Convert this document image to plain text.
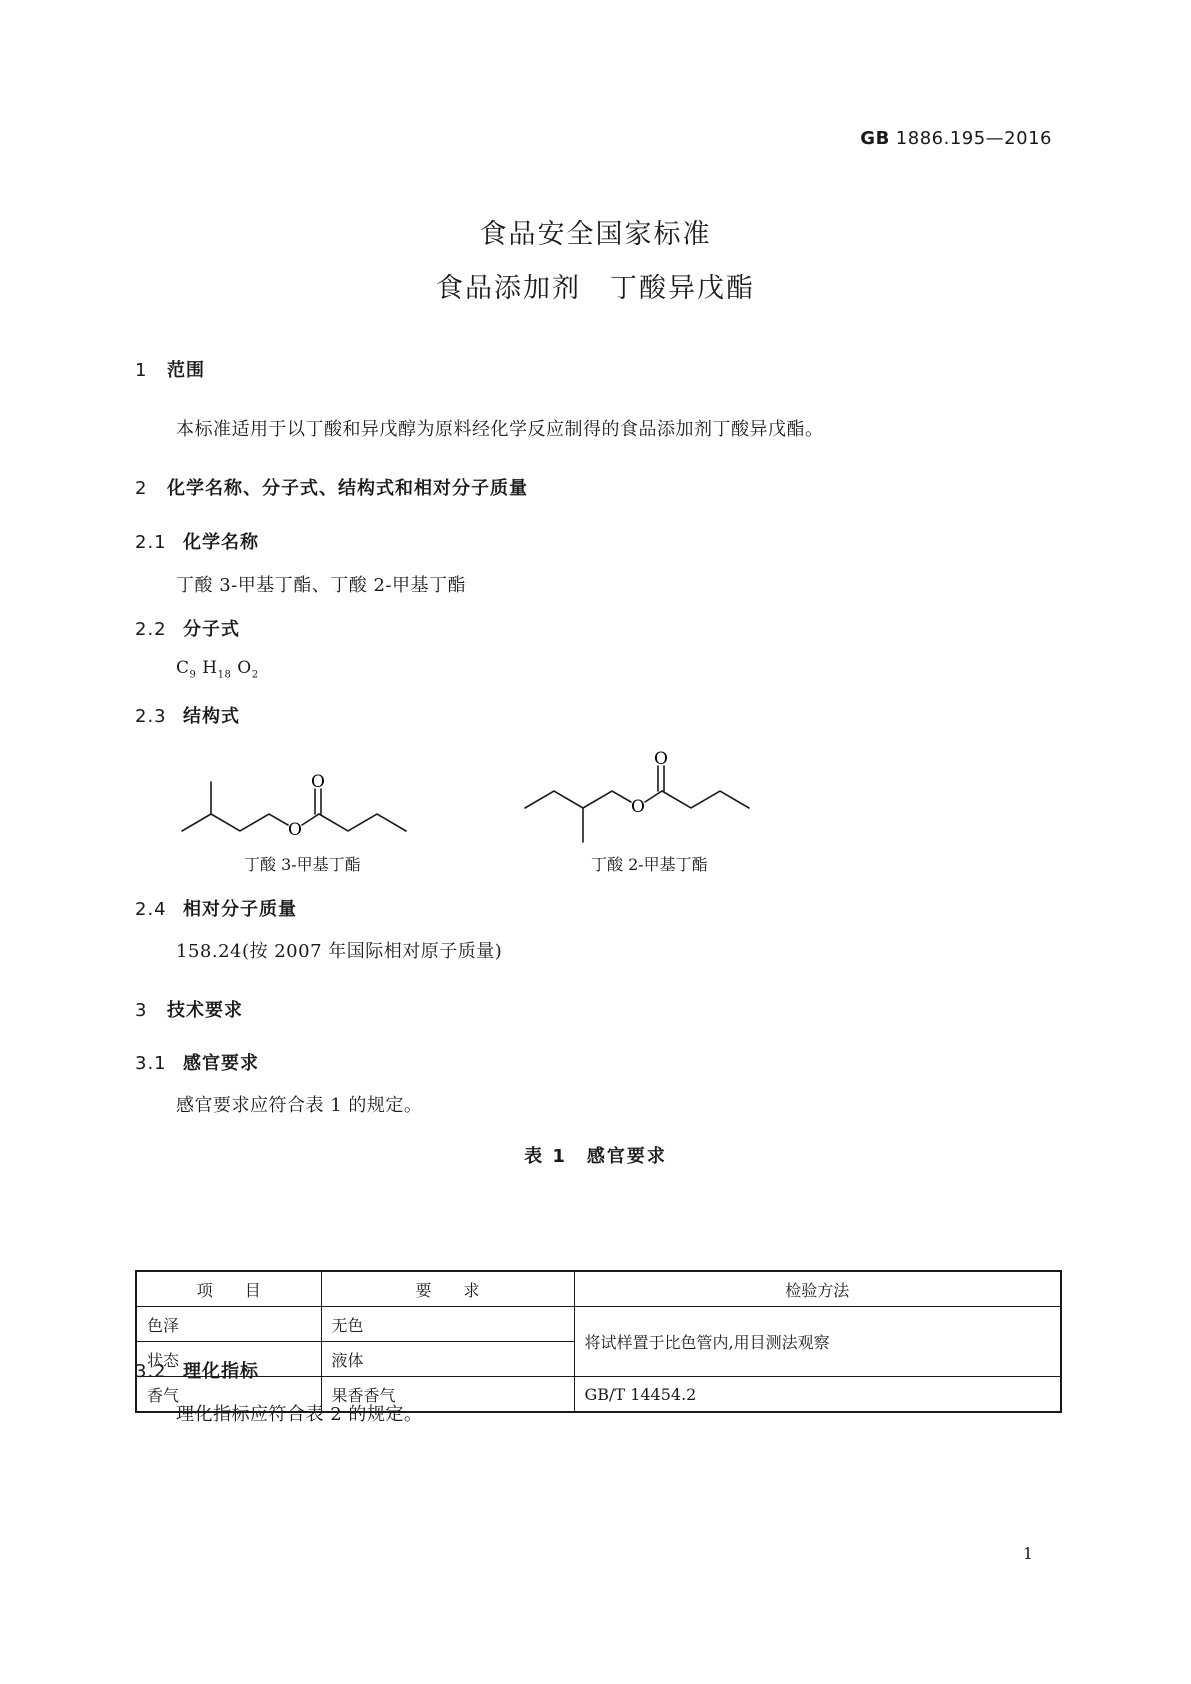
GB 1886.195—2016
食品安全国家标准
食品添加剂　丁酸异戊酯
1 范围
本标准适用于以丁酸和异戊醇为原料经化学反应制得的食品添加剂丁酸异戊酯。
2 化学名称、分子式、结构式和相对分子质量
2.1 化学名称
丁酸 3-甲基丁酯、丁酸 2-甲基丁酯
2.2 分子式
$C_9$ $H_{18}$ $O_2$
2.3 结构式
O
O
丁酸 3-甲基丁酯
O
O
丁酸 2-甲基丁酯
2.4 相对分子质量
158.24(按 2007 年国际相对原子质量)
3 技术要求
3.1 感官要求
感官要求应符合表 1 的规定。
表 1　感官要求
项　　目	要　　求	检验方法
色泽	无色	将试样置于比色管内,用目测法观察
状态	液体	
香气	果香香气	GB/T 14454.2
3.2 理化指标
理化指标应符合表 2 的规定。
1
